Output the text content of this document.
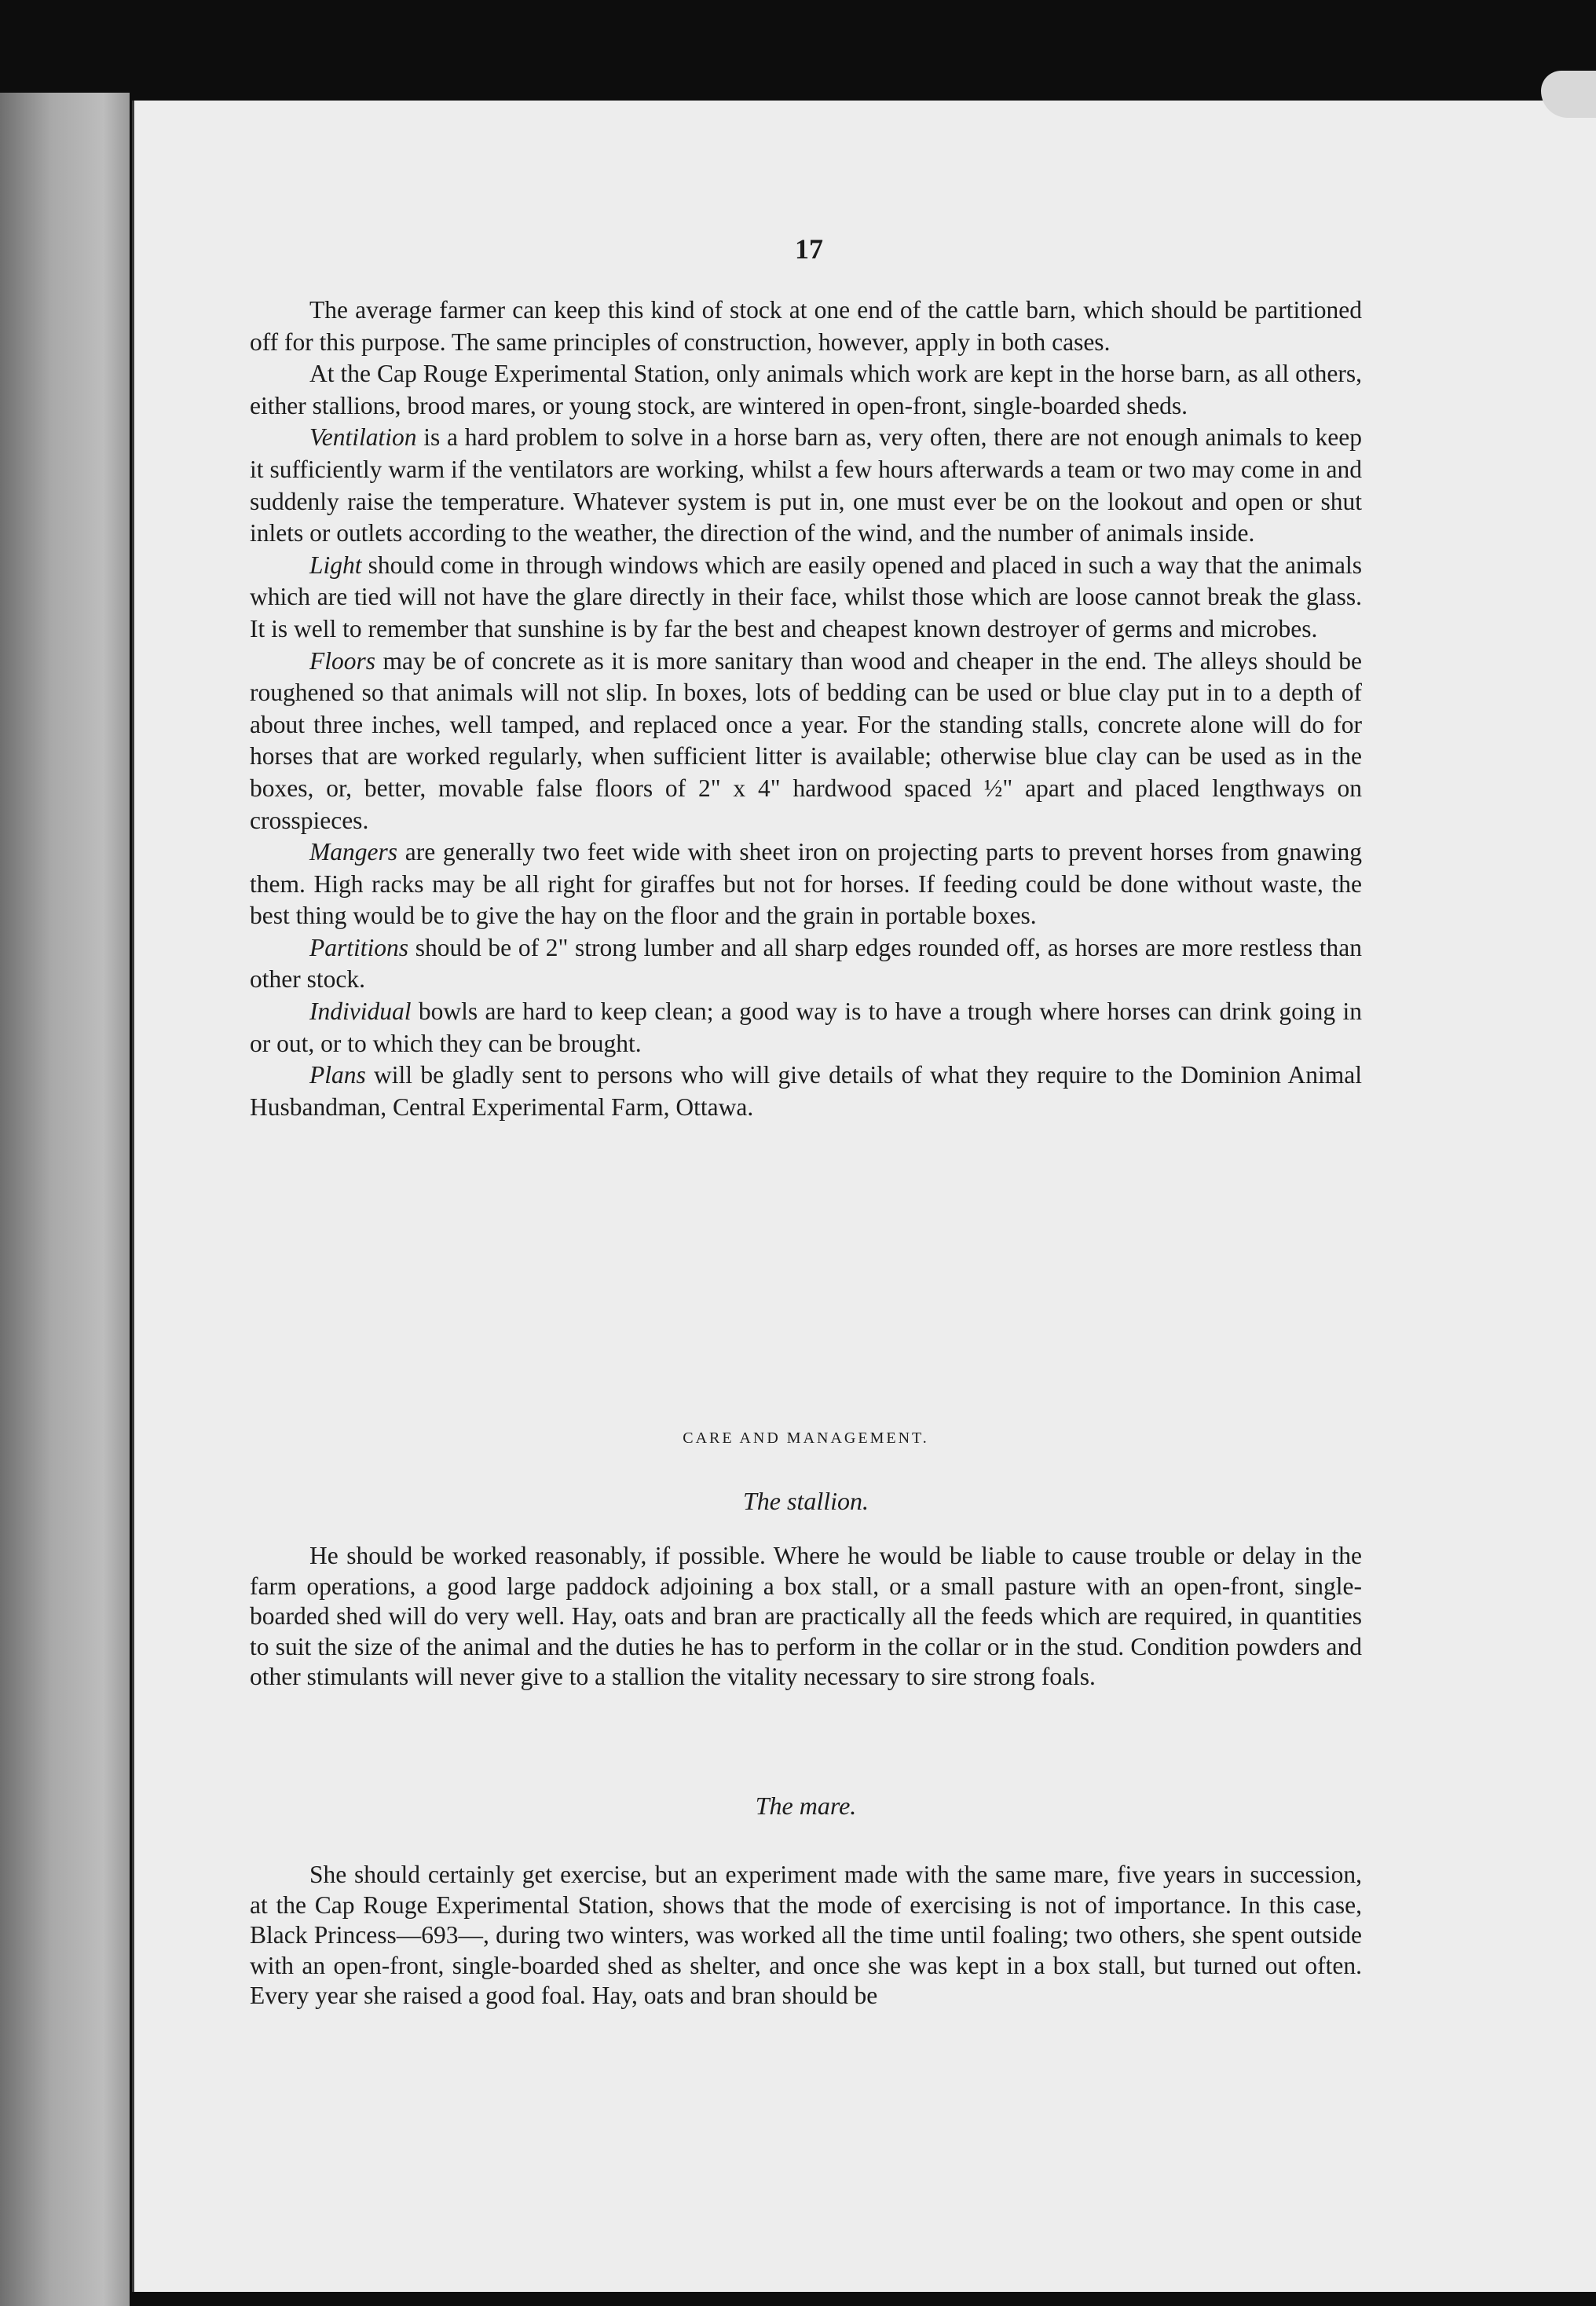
17

The average farmer can keep this kind of stock at one end of the cattle barn, which should be partitioned off for this purpose. The same principles of construction, however, apply in both cases.

At the Cap Rouge Experimental Station, only animals which work are kept in the horse barn, as all others, either stallions, brood mares, or young stock, are wintered in open-front, single-boarded sheds.

Ventilation is a hard problem to solve in a horse barn as, very often, there are not enough animals to keep it sufficiently warm if the ventilators are working, whilst a few hours afterwards a team or two may come in and suddenly raise the temperature. Whatever system is put in, one must ever be on the lookout and open or shut inlets or outlets according to the weather, the direction of the wind, and the number of animals inside.

Light should come in through windows which are easily opened and placed in such a way that the animals which are tied will not have the glare directly in their face, whilst those which are loose cannot break the glass. It is well to remember that sunshine is by far the best and cheapest known destroyer of germs and microbes.

Floors may be of concrete as it is more sanitary than wood and cheaper in the end. The alleys should be roughened so that animals will not slip. In boxes, lots of bedding can be used or blue clay put in to a depth of about three inches, well tamped, and replaced once a year. For the standing stalls, concrete alone will do for horses that are worked regularly, when sufficient litter is available; otherwise blue clay can be used as in the boxes, or, better, movable false floors of 2" x 4" hardwood spaced ½" apart and placed lengthways on crosspieces.

Mangers are generally two feet wide with sheet iron on projecting parts to prevent horses from gnawing them. High racks may be all right for giraffes but not for horses. If feeding could be done without waste, the best thing would be to give the hay on the floor and the grain in portable boxes.

Partitions should be of 2" strong lumber and all sharp edges rounded off, as horses are more restless than other stock.

Individual bowls are hard to keep clean; a good way is to have a trough where horses can drink going in or out, or to which they can be brought.

Plans will be gladly sent to persons who will give details of what they require to the Dominion Animal Husbandman, Central Experimental Farm, Ottawa.

CARE AND MANAGEMENT.
The stallion.

He should be worked reasonably, if possible. Where he would be liable to cause trouble or delay in the farm operations, a good large paddock adjoining a box stall, or a small pasture with an open-front, single-boarded shed will do very well. Hay, oats and bran are practically all the feeds which are required, in quantities to suit the size of the animal and the duties he has to perform in the collar or in the stud. Condition powders and other stimulants will never give to a stallion the vitality necessary to sire strong foals.

The mare.

She should certainly get exercise, but an experiment made with the same mare, five years in succession, at the Cap Rouge Experimental Station, shows that the mode of exercising is not of importance. In this case, Black Princess—693—, during two winters, was worked all the time until foaling; two others, she spent outside with an open-front, single-boarded shed as shelter, and once she was kept in a box stall, but turned out often. Every year she raised a good foal. Hay, oats and bran should be
